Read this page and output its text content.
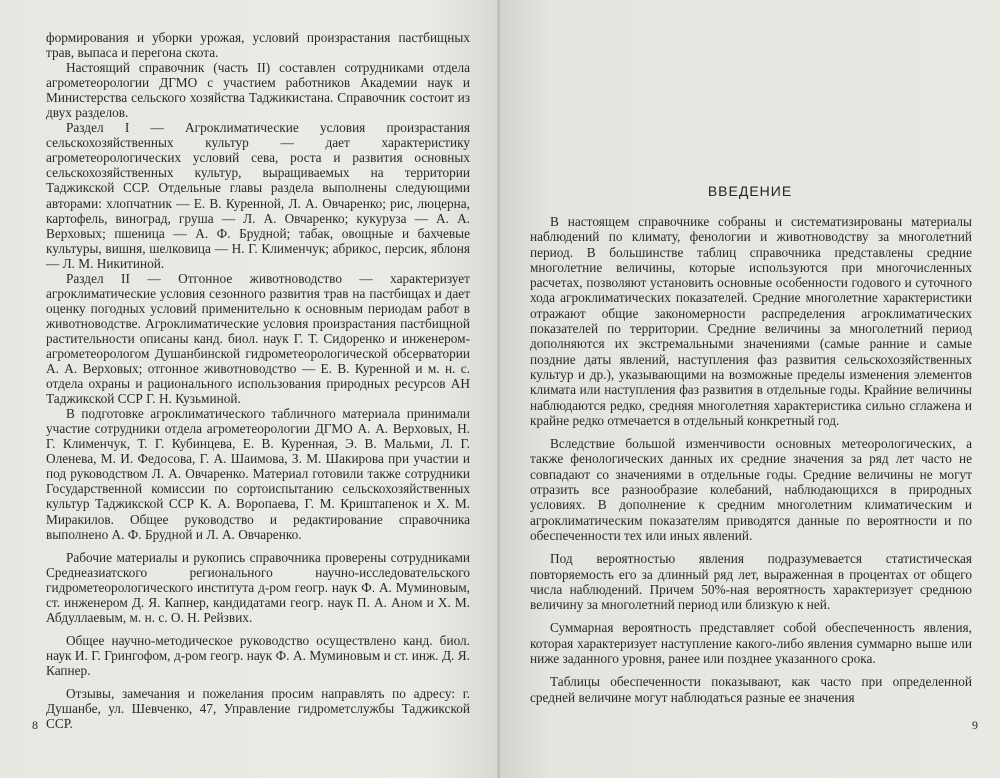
формирования и уборки урожая, условий произрастания пастбищных трав, выпаса и перегона скота.

Настоящий справочник (часть II) составлен сотрудниками отдела агрометеорологии ДГМО с участием работников Академии наук и Министерства сельского хозяйства Таджикистана. Справочник состоит из двух разделов.

Раздел I — Агроклиматические условия произрастания сельскохозяйственных культур — дает характеристику агрометеорологических условий сева, роста и развития основных сельскохозяйственных культур, выращиваемых на территории Таджикской ССР. Отдельные главы раздела выполнены следующими авторами: хлопчатник — Е. В. Куренной, Л. А. Овчаренко; рис, люцерна, картофель, виноград, груша — Л. А. Овчаренко; кукуруза — А. А. Верховых; пшеница — А. Ф. Брудной; табак, овощные и бахчевые культуры, вишня, шелковица — Н. Г. Клименчук; абрикос, персик, яблоня — Л. М. Никитиной.

Раздел II — Отгонное животноводство — характеризует агроклиматические условия сезонного развития трав на пастбищах и дает оценку погодных условий применительно к основным периодам работ в животноводстве. Агроклиматические условия произрастания пастбищной растительности описаны канд. биол. наук Г. Т. Сидоренко и инженером-агрометеорологом Душанбинской гидрометеорологической обсерватории А. А. Верховых; отгонное животноводство — Е. В. Куренной и м. н. с. отдела охраны и рационального использования природных ресурсов АН Таджикской ССР Г. Н. Кузьминой.

В подготовке агроклиматического табличного материала принимали участие сотрудники отдела агрометеорологии ДГМО А. А. Верховых, Н. Г. Клименчук, Т. Г. Кубинцева, Е. В. Куренная, Э. В. Мальми, Л. Г. Оленева, М. И. Федосова, Г. А. Шаимова, З. М. Шакирова при участии и под руководством Л. А. Овчаренко. Материал готовили также сотрудники Государственной комиссии по сортоиспытанию сельскохозяйственных культур Таджикской ССР К. А. Воропаева, Г. М. Криштапенок и Х. М. Миракилов. Общее руководство и редактирование справочника выполнено А. Ф. Брудной и Л. А. Овчаренко.

Рабочие материалы и рукопись справочника проверены сотрудниками Среднеазиатского регионального научно-исследовательского гидрометеорологического института д-ром геогр. наук Ф. А. Муминовым, ст. инженером Д. Я. Капнер, кандидатами геогр. наук П. А. Аном и Х. М. Абдуллаевым, м. н. с. О. Н. Рейзвих.

Общее научно-методическое руководство осуществлено канд. биол. наук И. Г. Грингофом, д-ром геогр. наук Ф. А. Муминовым и ст. инж. Д. Я. Капнер.

Отзывы, замечания и пожелания просим направлять по адресу: г. Душанбе, ул. Шевченко, 47, Управление гидрометслужбы Таджикской ССР.

8
ВВЕДЕНИЕ

В настоящем справочнике собраны и систематизированы материалы наблюдений по климату, фенологии и животноводству за многолетний период. В большинстве таблиц справочника представлены средние многолетние величины, которые используются при многочисленных расчетах, позволяют установить основные особенности годового и суточного хода агроклиматических показателей. Средние многолетние характеристики отражают общие закономерности распределения агроклиматических показателей по территории. Средние величины за многолетний период дополняются их экстремальными значениями (самые ранние и самые поздние даты явлений, наступления фаз развития сельскохозяйственных культур и др.), указывающими на возможные пределы изменения элементов климата или наступления фаз развития в отдельные годы. Крайние величины наблюдаются редко, средняя многолетняя характеристика сильно сглажена и крайне редко отмечается в отдельный конкретный год.

Вследствие большой изменчивости основных метеорологических, а также фенологических данных их средние значения за ряд лет часто не совпадают со значениями в отдельные годы. Средние величины не могут отразить все разнообразие колебаний, наблюдающихся в природных условиях. В дополнение к средним многолетним климатическим и агроклиматическим показателям приводятся данные по вероятности и по обеспеченности тех или иных явлений.

Под вероятностью явления подразумевается статистическая повторяемость его за длинный ряд лет, выраженная в процентах от общего числа наблюдений. Причем 50%-ная вероятность характеризует среднюю величину за многолетний период или близкую к ней.

Суммарная вероятность представляет собой обеспеченность явления, которая характеризует наступление какого-либо явления суммарно выше или ниже заданного уровня, ранее или позднее указанного срока.

Таблицы обеспеченности показывают, как часто при определенной средней величине могут наблюдаться разные ее значения

9
